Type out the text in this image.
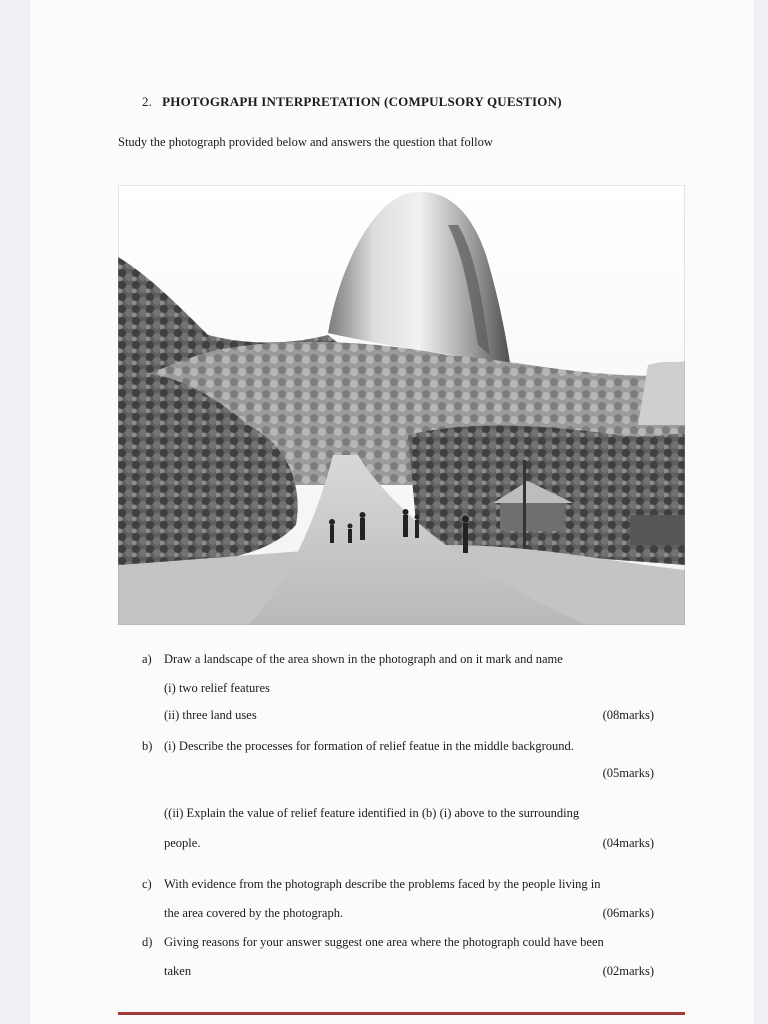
2. PHOTOGRAPH INTERPRETATION (COMPULSORY QUESTION)
Study the photograph provided below and answers the question that follow
a) Draw a landscape of the area shown in the photograph and on it mark and name
(i) two relief features
(ii) three land uses	(08marks)
b) (i) Describe the processes for formation of relief featue in the middle background.
(05marks)
((ii) Explain the value of relief feature identified in (b) (i) above to the surrounding
people.	(04marks)
c) With evidence from the photograph describe the problems faced by the people living in
the area covered by the photograph.	(06marks)
d) Giving reasons for your answer suggest one area where the photograph could have been
taken	(02marks)
